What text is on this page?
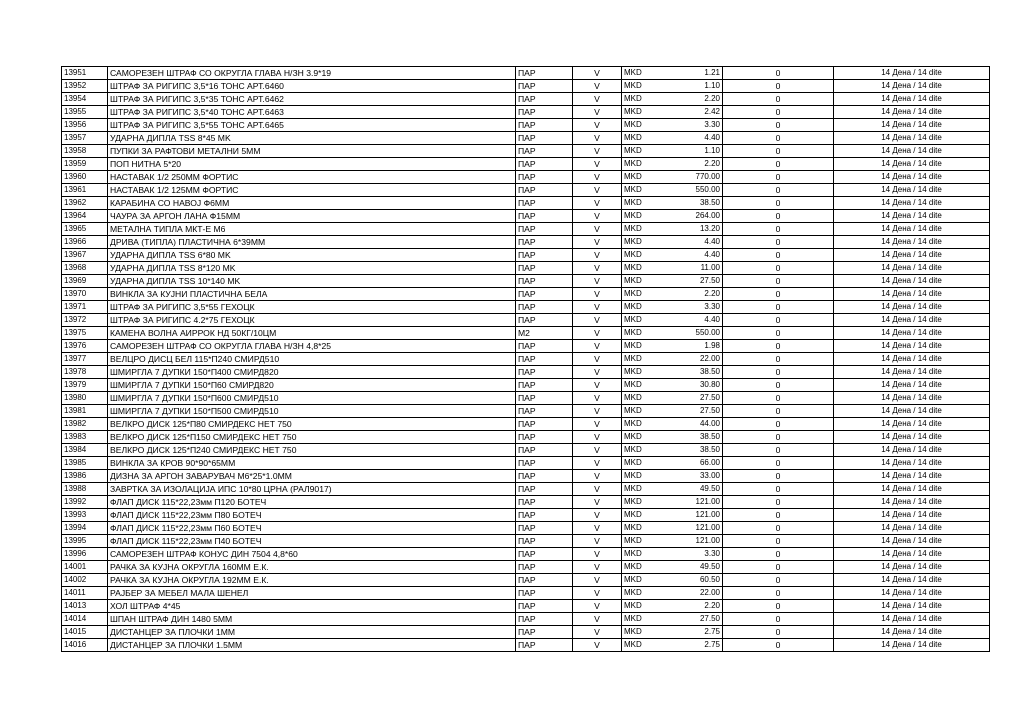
13951	САМОРЕЗЕН ШТРАФ СО ОКРУГЛА ГЛАВА Н/ЗН 3.9*19	ПАР	V	MKD	1.21	0	14 Дена / 14 dite
13952	ШТРАФ ЗА РИГИПС 3,5*16 ТОНС АРТ.6460	ПАР	V	MKD	1.10	0	14 Дена / 14 dite
13954	ШТРАФ ЗА РИГИПС 3,5*35 ТОНС АРТ.6462	ПАР	V	MKD	2.20	0	14 Дена / 14 dite
13955	ШТРАФ ЗА РИГИПС 3,5*40 ТОНС АРТ.6463	ПАР	V	MKD	2.42	0	14 Дена / 14 dite
13956	ШТРАФ ЗА РИГИПС 3,5*55 ТОНС АРТ.6465	ПАР	V	MKD	3.30	0	14 Дена / 14 dite
13957	УДАРНА ДИПЛА TSS 8*45 MK	ПАР	V	MKD	4.40	0	14 Дена / 14 dite
13958	ПУПКИ ЗА РАФТОВИ МЕТАЛНИ 5ММ	ПАР	V	MKD	1.10	0	14 Дена / 14 dite
13959	ПОП НИТНА 5*20	ПАР	V	MKD	2.20	0	14 Дена / 14 dite
13960	НАСТАВАК 1/2 250ММ ФОРТИС	ПАР	V	MKD	770.00	0	14 Дена / 14 dite
13961	НАСТАВАК 1/2 125ММ ФОРТИС	ПАР	V	MKD	550.00	0	14 Дена / 14 dite
13962	КАРАБИНА СО НАВОЈ Ф6ММ	ПАР	V	MKD	38.50	0	14 Дена / 14 dite
13964	ЧАУРА ЗА АРГОН ЛАНА Ф15ММ	ПАР	V	MKD	264.00	0	14 Дена / 14 dite
13965	МЕТАЛНА ТИПЛА МКТ-Е М6	ПАР	V	MKD	13.20	0	14 Дена / 14 dite
13966	ДРИВА (ТИПЛА) ПЛАСТИЧНА 6*39ММ	ПАР	V	MKD	4.40	0	14 Дена / 14 dite
13967	УДАРНА ДИПЛА TSS 6*80 MK	ПАР	V	MKD	4.40	0	14 Дена / 14 dite
13968	УДАРНА ДИПЛА TSS 8*120 MK	ПАР	V	MKD	11.00	0	14 Дена / 14 dite
13969	УДАРНА ДИПЛА TSS 10*140 MK	ПАР	V	MKD	27.50	0	14 Дена / 14 dite
13970	ВИНКЛА ЗА КУЈНИ ПЛАСТИЧНА БЕЛА	ПАР	V	MKD	2.20	0	14 Дена / 14 dite
13971	ШТРАФ ЗА РИГИПС 3,5*55 ГЕХОЦК	ПАР	V	MKD	3.30	0	14 Дена / 14 dite
13972	ШТРАФ ЗА РИГИПС 4.2*75 ГЕХОЦК	ПАР	V	MKD	4.40	0	14 Дена / 14 dite
13975	КАМЕНА ВОЛНА АИРРОК НД 50КГ/10ЦМ	М2	V	MKD	550.00	0	14 Дена / 14 dite
13976	САМОРЕЗЕН ШТРАФ СО ОКРУГЛА ГЛАВА Н/ЗН 4,8*25	ПАР	V	MKD	1.98	0	14 Дена / 14 dite
13977	ВЕЛЦРО ДИСЦ БЕЛ 115*П240 СМИРД510	ПАР	V	MKD	22.00	0	14 Дена / 14 dite
13978	ШМИРГЛА 7 ДУПКИ 150*П400 СМИРД820	ПАР	V	MKD	38.50	0	14 Дена / 14 dite
13979	ШМИРГЛА 7 ДУПКИ 150*П60 СМИРД820	ПАР	V	MKD	30.80	0	14 Дена / 14 dite
13980	ШМИРГЛА 7 ДУПКИ 150*П600 СМИРД510	ПАР	V	MKD	27.50	0	14 Дена / 14 dite
13981	ШМИРГЛА 7 ДУПКИ 150*П500 СМИРД510	ПАР	V	MKD	27.50	0	14 Дена / 14 dite
13982	ВЕЛКРО ДИСК 125*П80 СМИРДЕКС НЕТ 750	ПАР	V	MKD	44.00	0	14 Дена / 14 dite
13983	ВЕЛКРО ДИСК 125*П150 СМИРДЕКС НЕТ 750	ПАР	V	MKD	38.50	0	14 Дена / 14 dite
13984	ВЕЛКРО ДИСК 125*П240 СМИРДЕКС НЕТ 750	ПАР	V	MKD	38.50	0	14 Дена / 14 dite
13985	ВИНКЛА ЗА КРОВ 90*90*65ММ	ПАР	V	MKD	66.00	0	14 Дена / 14 dite
13986	ДИЗНА ЗА АРГОН ЗАВАРУВАЧ М6*25*1.0ММ	ПАР	V	MKD	33.00	0	14 Дена / 14 dite
13988	ЗАВРТКА ЗА ИЗОЛАЦИЈА ИПС 10*80 ЦРНА (РАЛ9017)	ПАР	V	MKD	49.50	0	14 Дена / 14 dite
13992	ФЛАП ДИСК 115*22,23мм П120 БОТЕЧ	ПАР	V	MKD	121.00	0	14 Дена / 14 dite
13993	ФЛАП ДИСК 115*22,23мм П80 БОТЕЧ	ПАР	V	MKD	121.00	0	14 Дена / 14 dite
13994	ФЛАП ДИСК 115*22,23мм П60 БОТЕЧ	ПАР	V	MKD	121.00	0	14 Дена / 14 dite
13995	ФЛАП ДИСК 115*22,23мм П40 БОТЕЧ	ПАР	V	MKD	121.00	0	14 Дена / 14 dite
13996	САМОРЕЗЕН ШТРАФ КОНУС ДИН 7504 4,8*60	ПАР	V	MKD	3.30	0	14 Дена / 14 dite
14001	РАЧКА ЗА КУЈНА ОКРУГЛА 160ММ Е.К.	ПАР	V	MKD	49.50	0	14 Дена / 14 dite
14002	РАЧКА ЗА КУЈНА ОКРУГЛА 192ММ Е.К.	ПАР	V	MKD	60.50	0	14 Дена / 14 dite
14011	РАЈБЕР ЗА МЕБЕЛ МАЛА ШЕНЕЛ	ПАР	V	MKD	22.00	0	14 Дена / 14 dite
14013	ХОЛ ШТРАФ 4*45	ПАР	V	MKD	2.20	0	14 Дена / 14 dite
14014	ШПАН ШТРАФ ДИН 1480 5ММ	ПАР	V	MKD	27.50	0	14 Дена / 14 dite
14015	ДИСТАНЦЕР ЗА ПЛОЧКИ 1ММ	ПАР	V	MKD	2.75	0	14 Дена / 14 dite
14016	ДИСТАНЦЕР ЗА ПЛОЧКИ 1.5ММ	ПАР	V	MKD	2.75	0	14 Дена / 14 dite
